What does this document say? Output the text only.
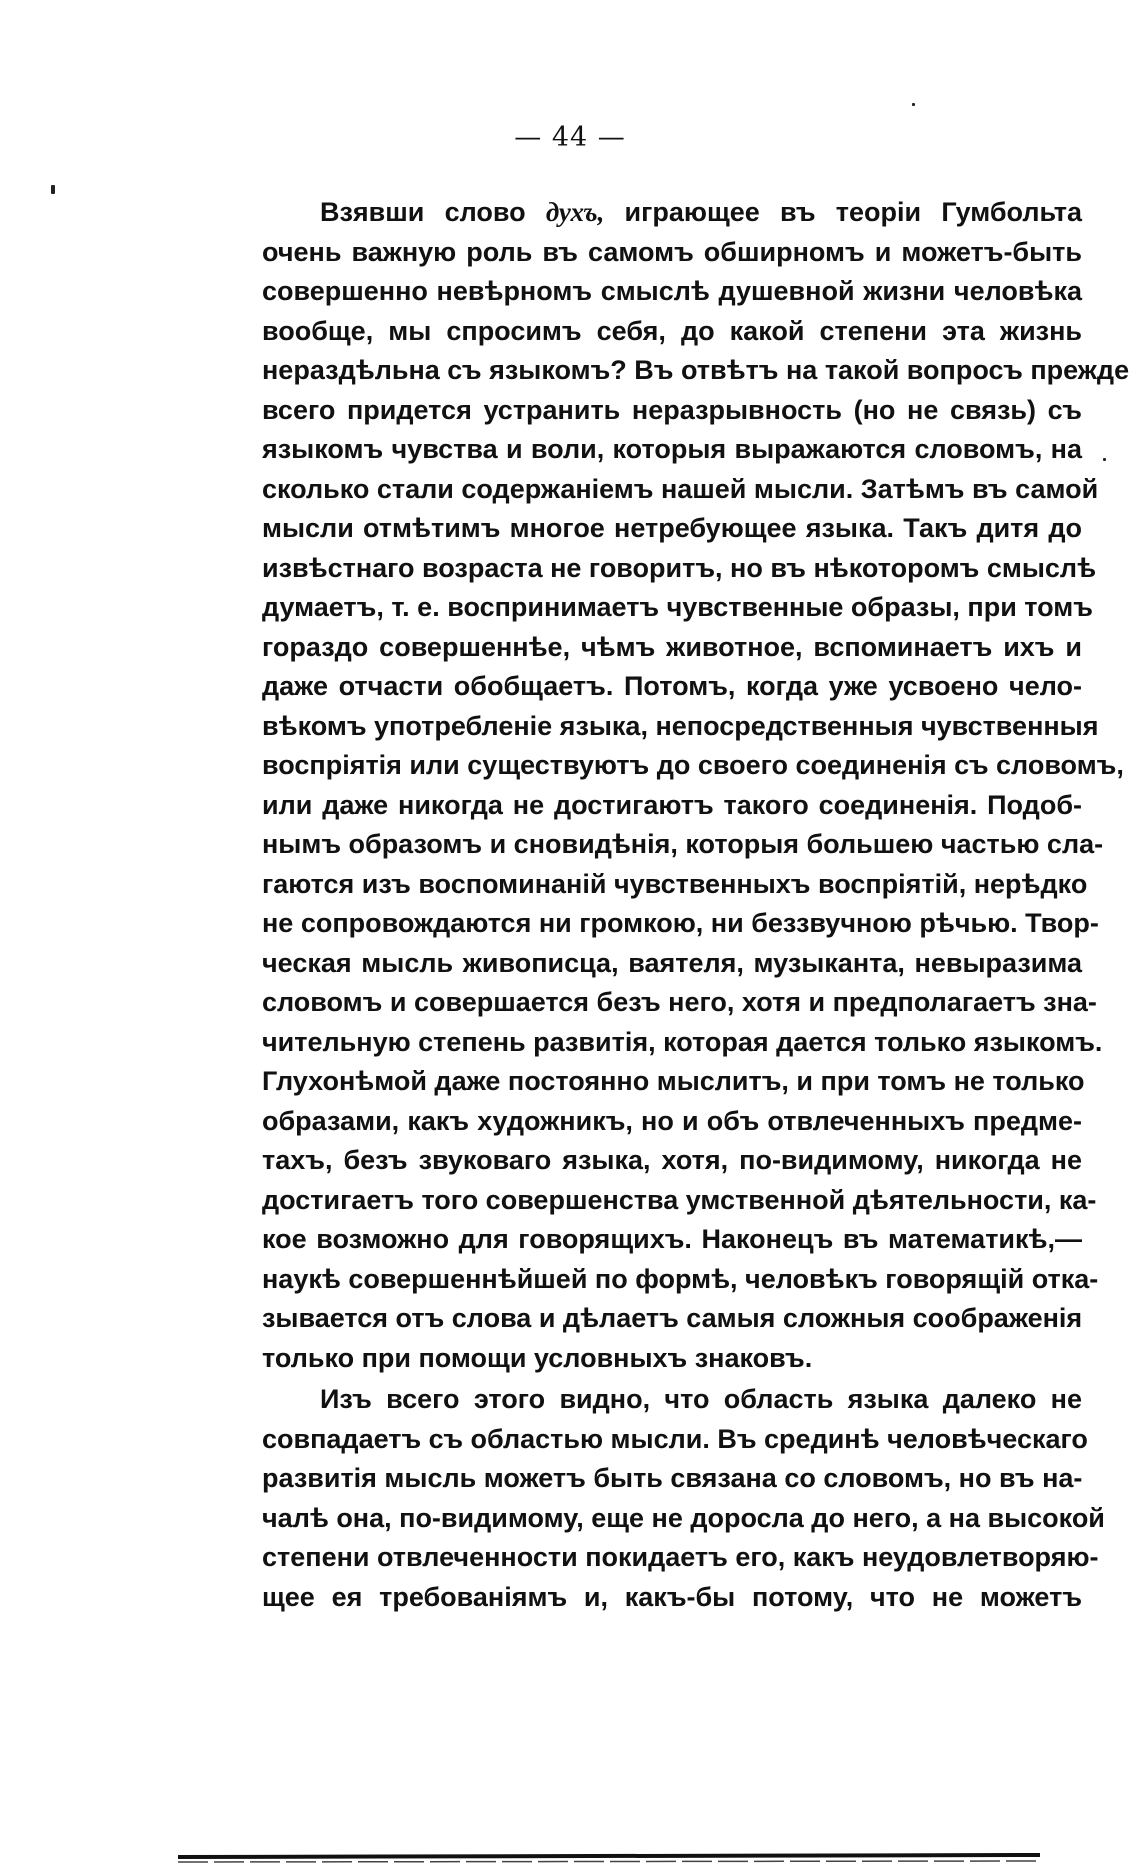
— 44 —
Взявши слово духъ, играющее въ теоріи Гумбольта
очень важную роль въ самомъ обширномъ и можетъ-быть
совершенно невѣрномъ смыслѣ душевной жизни человѣка
вообще, мы спросимъ себя, до какой степени эта жизнь
нераздѣльна съ языкомъ? Въ отвѣтъ на такой вопросъ прежде
всего придется устранить неразрывность (но не связь) съ
языкомъ чувства и воли, которыя выражаются словомъ, на
сколько стали содержаніемъ нашей мысли. Затѣмъ въ самой
мысли отмѣтимъ многое нетребующее языка. Такъ дитя до
извѣстнаго возраста не говоритъ, но въ нѣкоторомъ смыслѣ
думаетъ, т. е. воспринимаетъ чувственные образы, при томъ
гораздо совершеннѣе, чѣмъ животное, вспоминаетъ ихъ и
даже отчасти обобщаетъ. Потомъ, когда уже усвоено чело-
вѣкомъ употребленіе языка, непосредственныя чувственныя
воспріятія или существуютъ до своего соединенія съ словомъ,
или даже никогда не достигаютъ такого соединенія. Подоб-
нымъ образомъ и сновидѣнія, которыя большею частью сла-
гаются изъ воспоминаній чувственныхъ воспріятій, нерѣдко
не сопровождаются ни громкою, ни беззвучною рѣчью. Твор-
ческая мысль живописца, ваятеля, музыканта, невыразима
словомъ и совершается безъ него, хотя и предполагаетъ зна-
чительную степень развитія, которая дается только языкомъ.
Глухонѣмой даже постоянно мыслитъ, и при томъ не только
образами, какъ художникъ, но и объ отвлеченныхъ предме-
тахъ, безъ звуковаго языка, хотя, по-видимому, никогда не
достигаетъ того совершенства умственной дѣятельности, ка-
кое возможно для говорящихъ. Наконецъ въ математикѣ,—
наукѣ совершеннѣйшей по формѣ, человѣкъ говорящій отка-
зывается отъ слова и дѣлаетъ самыя сложныя соображенія
только при помощи условныхъ знаковъ.
Изъ всего этого видно, что область языка далеко не
совпадаетъ съ областью мысли. Въ срединѣ человѣческаго
развитія мысль можетъ быть связана со словомъ, но въ на-
чалѣ она, по-видимому, еще не доросла до него, а на высокой
степени отвлеченности покидаетъ его, какъ неудовлетворяю-
щее ея требованіямъ и, какъ-бы потому, что не можетъ
